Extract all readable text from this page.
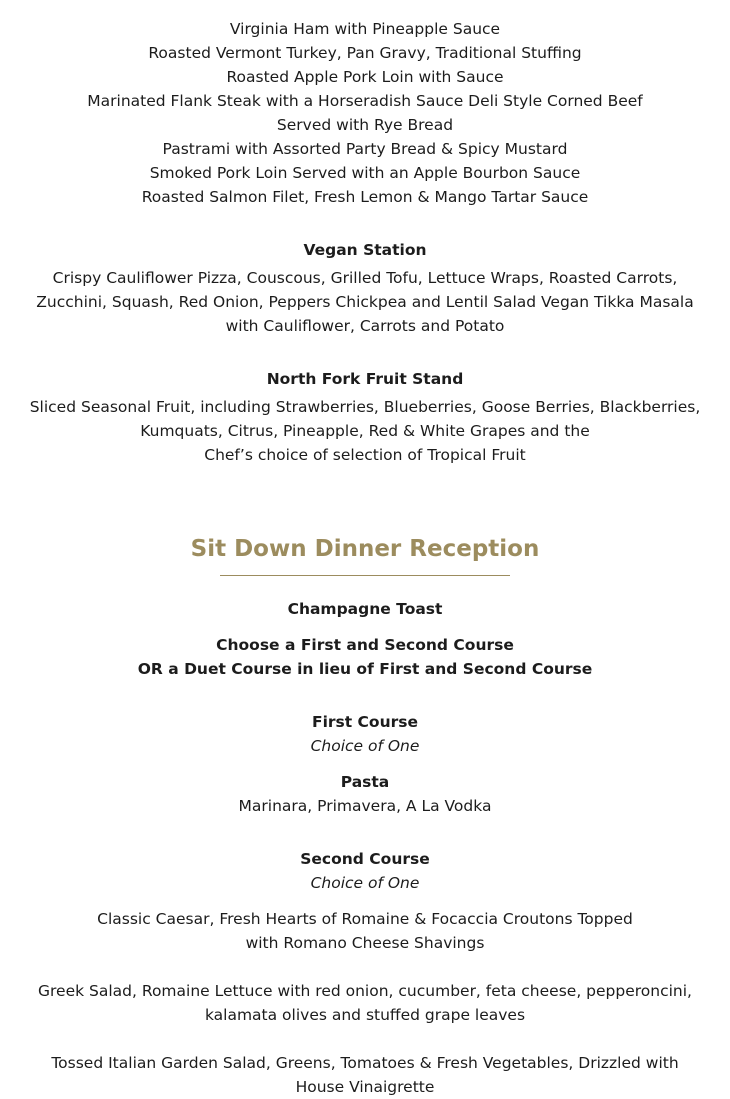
Virginia Ham with Pineapple Sauce

Roasted Vermont Turkey, Pan Gravy, Traditional Stuffing

Roasted Apple Pork Loin with Sauce

Marinated Flank Steak with a Horseradish Sauce Deli Style Corned Beef

Served with Rye Bread

Pastrami with Assorted Party Bread & Spicy Mustard

Smoked Pork Loin Served with an Apple Bourbon Sauce

Roasted Salmon Filet, Fresh Lemon & Mango Tartar Sauce

Vegan Station

Crispy Cauliflower Pizza, Couscous, Grilled Tofu, Lettuce Wraps, Roasted Carrots,

Zucchini, Squash, Red Onion, Peppers Chickpea and Lentil Salad Vegan Tikka Masala

with Cauliflower, Carrots and Potato

North Fork Fruit Stand

Sliced Seasonal Fruit, including Strawberries, Blueberries, Goose Berries, Blackberries,

Kumquats, Citrus, Pineapple, Red & White Grapes and the

Chef’s choice of selection of Tropical Fruit

Sit Down Dinner Reception

Champagne Toast

Choose a First and Second Course

OR a Duet Course in lieu of First and Second Course

First Course

Choice of One

Pasta

Marinara, Primavera, A La Vodka

Second Course

Choice of One

Classic Caesar, Fresh Hearts of Romaine & Focaccia Croutons Topped

with Romano Cheese Shavings

Greek Salad, Romaine Lettuce with red onion, cucumber, feta cheese, pepperoncini,

kalamata olives and stuffed grape leaves

Tossed Italian Garden Salad, Greens, Tomatoes & Fresh Vegetables, Drizzled with

House Vinaigrette
